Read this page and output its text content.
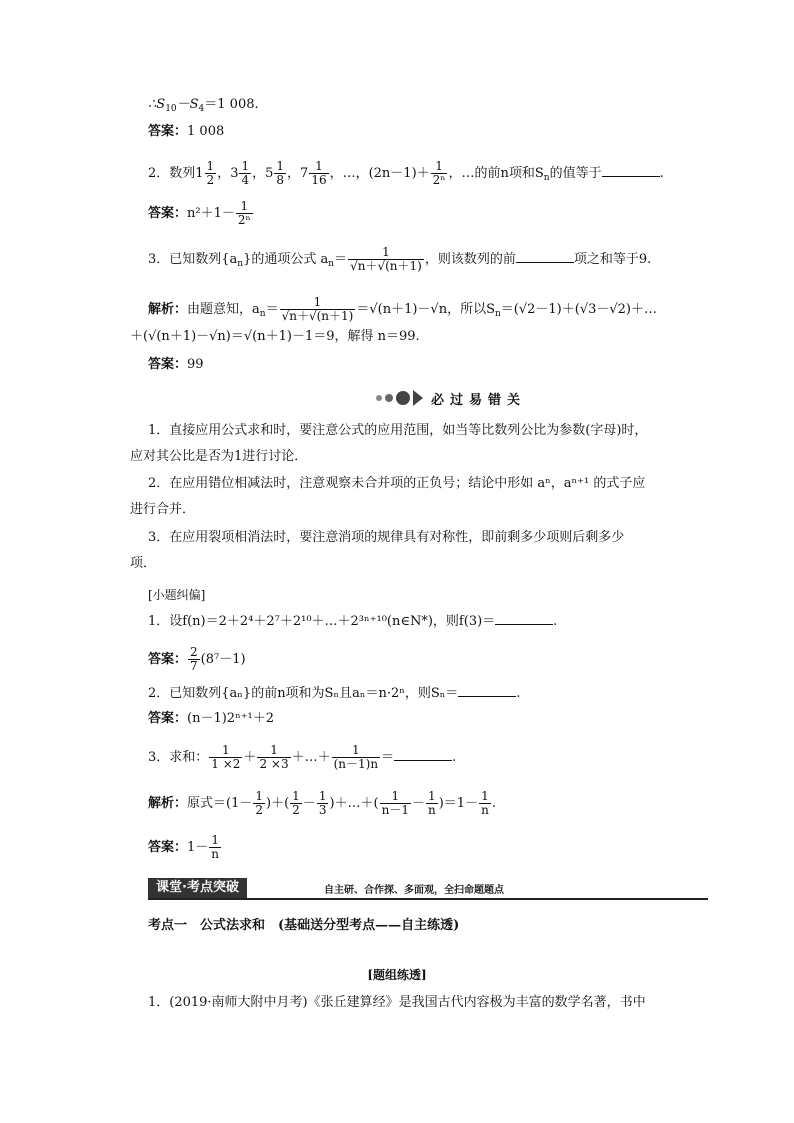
$\therefore S_{10}-S_4=1$ 008.
答案：1 008
2．数列$1 \frac{1}{2}$ ，$3 \frac{1}{4}$ ，$5 \frac{1}{8}$ ，$7 \frac{1}{16}$ ，…，$(2n-1)+ \frac{1}{\text{2ⁿ}}$ ，…的前n项和$S_n$的值等于	.
答案：$n^2+1- \frac{1}{\text{2ⁿ}}$
3．已知数列$\{a_n\}$的通项公式 $a_n= \frac{1}{√n+√(n+1)}$ ，则该数列的前	项之和等于9.
解析：由题意知，$a_n= \frac{1}{√n+√(n+1)} =√(n+1)-√n$，所以$S_n=(√2-1)+(√3-√2)+\dots$
＋(√(n＋1)－√n)＝√(n＋1)－1＝9，解得 n＝99.
答案：99
必过易错关
1．直接应用公式求和时，要注意公式的应用范围，如当等比数列公比为参数(字母)时，
应对其公比是否为1进行讨论．
2．在应用错位相减法时，注意观察未合并项的正负号；结论中形如 aⁿ，aⁿ⁺¹ 的式子应
进行合并．
3．在应用裂项相消法时，要注意消项的规律具有对称性，即前剩多少项则后剩多少
项．
[小题纠偏]
1．设f(n)＝2＋2⁴＋2⁷＋2¹⁰＋…＋2³ⁿ⁺¹⁰(n∈N*)，则f(3)＝	.
答案： $\frac{2}{7} (8^7-1)$
2．已知数列{aₙ}的前n项和为Sₙ且aₙ＝n·2ⁿ，则Sₙ＝	.
答案：(n－1)2ⁿ⁺¹＋2
3．求和： $\frac{1}{1 \times 2} + \frac{1}{2 \times 3}$ ＋…＋ $\frac{1}{(n-1)n}$ ＝	.
解析：原式$=(1- \frac{1}{2}$ )＋( $\frac{1}{2} - \frac{1}{3}$ )＋…＋( $\frac{1}{n-1} - \frac{1}{n} )=1- \frac{1}{n}$ .
答案：$1- \frac{1}{n}$
课堂·考点突破	自主研、合作探、多面观，全扫命题题点
考点一　公式法求和　(基础送分型考点——自主练透)
[题组练透]
1．(2019·南师大附中月考)《张丘建算经》是我国古代内容极为丰富的数学名著，书中
